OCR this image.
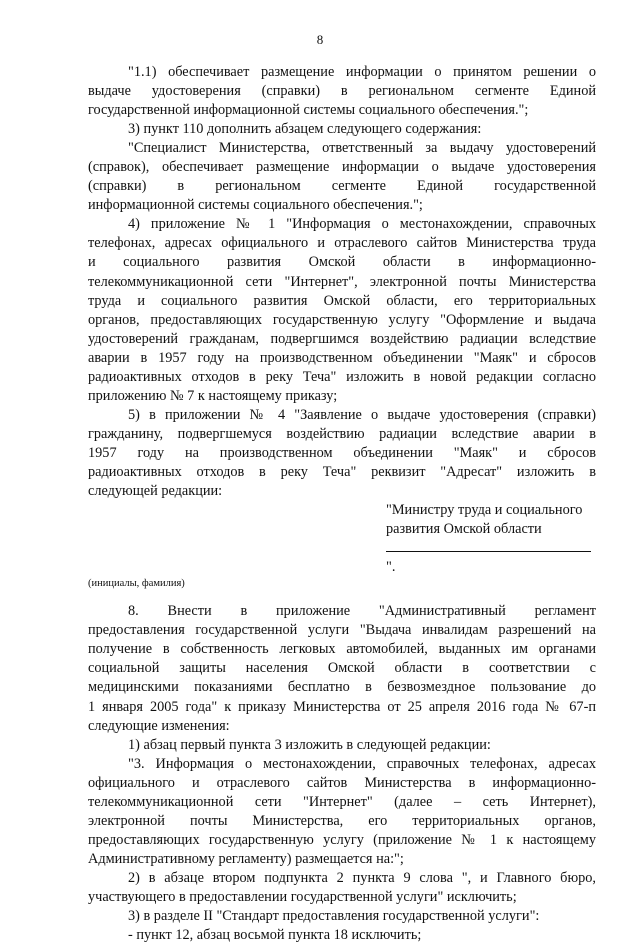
8

"1.1) обеспечивает размещение информации о принятом решении о

выдаче удостоверения (справки) в региональном сегменте Единой

государственной информационной системы социального обеспечения.";

3) пункт 110 дополнить абзацем следующего содержания:

"Специалист Министерства, ответственный за выдачу удостоверений

(справок), обеспечивает размещение информации о выдаче удостоверения

(справки) в региональном сегменте Единой государственной

информационной системы социального обеспечения.";

4) приложение № 1 "Информация о местонахождении, справочных

телефонах, адресах официального и отраслевого сайтов Министерства труда

и социального развития Омской области в информационно-

телекоммуникационной сети "Интернет", электронной почты Министерства

труда и социального развития Омской области, его территориальных

органов, предоставляющих государственную услугу "Оформление и выдача

удостоверений гражданам, подвергшимся воздействию радиации вследствие

аварии в 1957 году на производственном объединении "Маяк" и сбросов

радиоактивных отходов в реку Теча" изложить в новой редакции согласно

приложению № 7 к настоящему приказу;

5) в приложении № 4 "Заявление о выдаче удостоверения (справки)

гражданину, подвергшемуся воздействию радиации вследствие аварии в

1957 году на производственном объединении "Маяк" и сбросов

радиоактивных отходов в реку Теча" реквизит "Адресат" изложить в

следующей редакции:

"Министру труда и социального

развития Омской области

".

(инициалы, фамилия)

8. Внести в приложение "Административный регламент

предоставления государственной услуги "Выдача инвалидам разрешений на

получение в собственность легковых автомобилей, выданных им органами

социальной защиты населения Омской области в соответствии с

медицинскими показаниями бесплатно в безвозмездное пользование до

1 января 2005 года" к приказу Министерства от 25 апреля 2016 года № 67-п

следующие изменения:

1) абзац первый пункта 3 изложить в следующей редакции:

"3. Информация о местонахождении, справочных телефонах, адресах

официального и отраслевого сайтов Министерства в информационно-

телекоммуникационной сети "Интернет" (далее – сеть Интернет),

электронной почты Министерства, его территориальных органов,

предоставляющих государственную услугу (приложение № 1 к настоящему

Административному регламенту) размещается на:";

2) в абзаце втором подпункта 2 пункта 9 слова ", и Главного бюро,

участвующего в предоставлении государственной услуги" исключить;

3) в разделе II "Стандарт предоставления государственной услуги":

- пункт 12, абзац восьмой пункта 18 исключить;
